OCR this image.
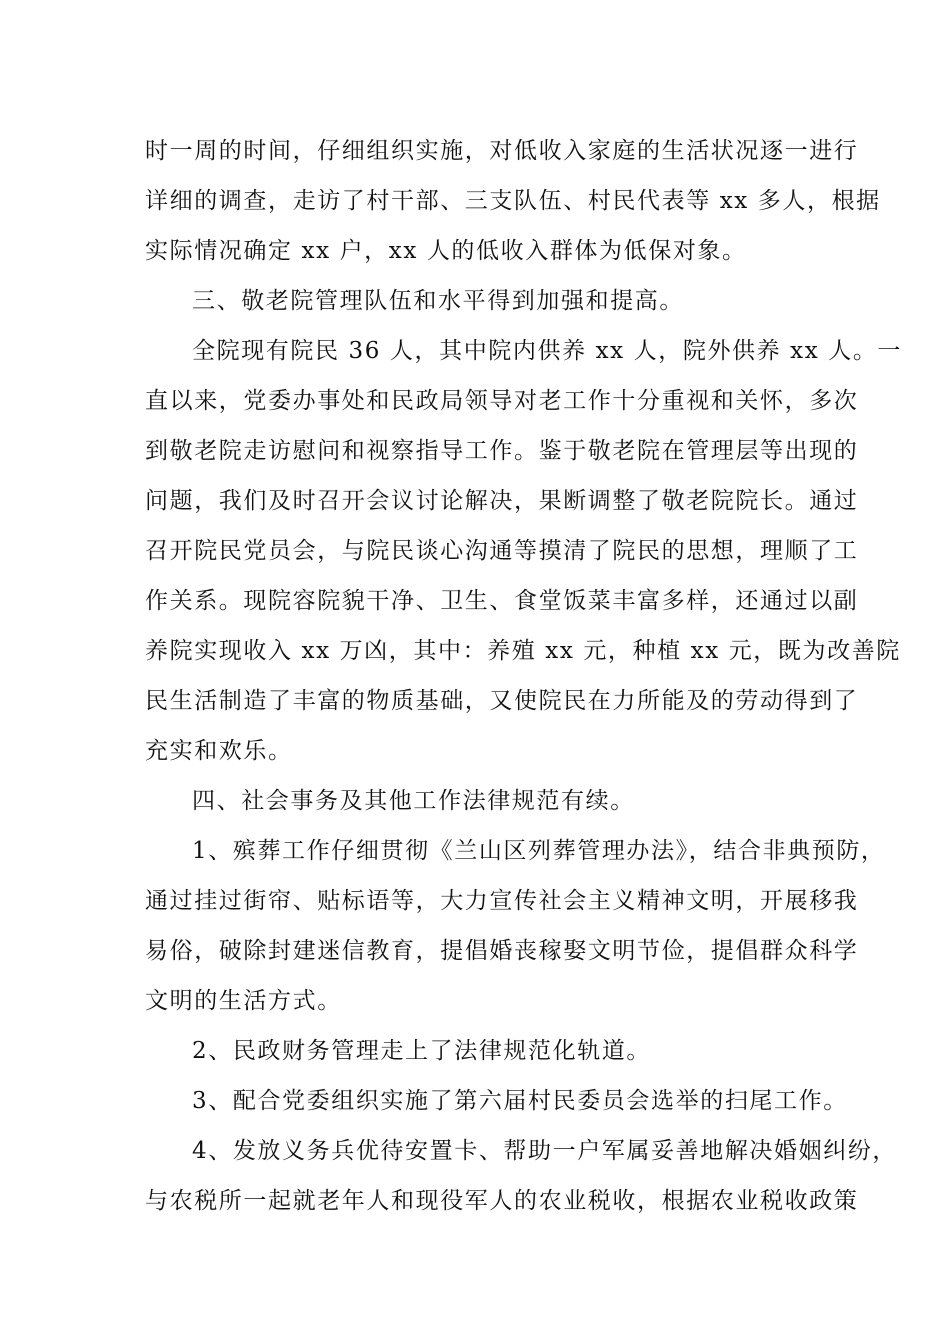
时一周的时间，仔细组织实施，对低收入家庭的生活状况逐一进行
详细的调查，走访了村干部、三支队伍、村民代表等 xx 多人，根据
实际情况确定 xx 户，xx 人的低收入群体为低保对象。
三、敬老院管理队伍和水平得到加强和提高。
全院现有院民 36 人，其中院内供养 xx 人，院外供养 xx 人。一
直以来，党委办事处和民政局领导对老工作十分重视和关怀，多次
到敬老院走访慰问和视察指导工作。鉴于敬老院在管理层等出现的
问题，我们及时召开会议讨论解决，果断调整了敬老院院长。通过
召开院民党员会，与院民谈心沟通等摸清了院民的思想，理顺了工
作关系。现院容院貌干净、卫生、食堂饭菜丰富多样，还通过以副
养院实现收入 xx 万凶，其中：养殖 xx 元，种植 xx 元，既为改善院
民生活制造了丰富的物质基础，又使院民在力所能及的劳动得到了
充实和欢乐。
四、社会事务及其他工作法律规范有续。
1、殡葬工作仔细贯彻《兰山区列葬管理办法》，结合非典预防，
通过挂过街帘、贴标语等，大力宣传社会主义精神文明，开展移我
易俗，破除封建迷信教育，提倡婚丧稼娶文明节俭，提倡群众科学
文明的生活方式。
2、民政财务管理走上了法律规范化轨道。
3、配合党委组织实施了第六届村民委员会选举的扫尾工作。
4、发放义务兵优待安置卡、帮助一户军属妥善地解决婚姻纠纷，
与农税所一起就老年人和现役军人的农业税收，根据农业税收政策
